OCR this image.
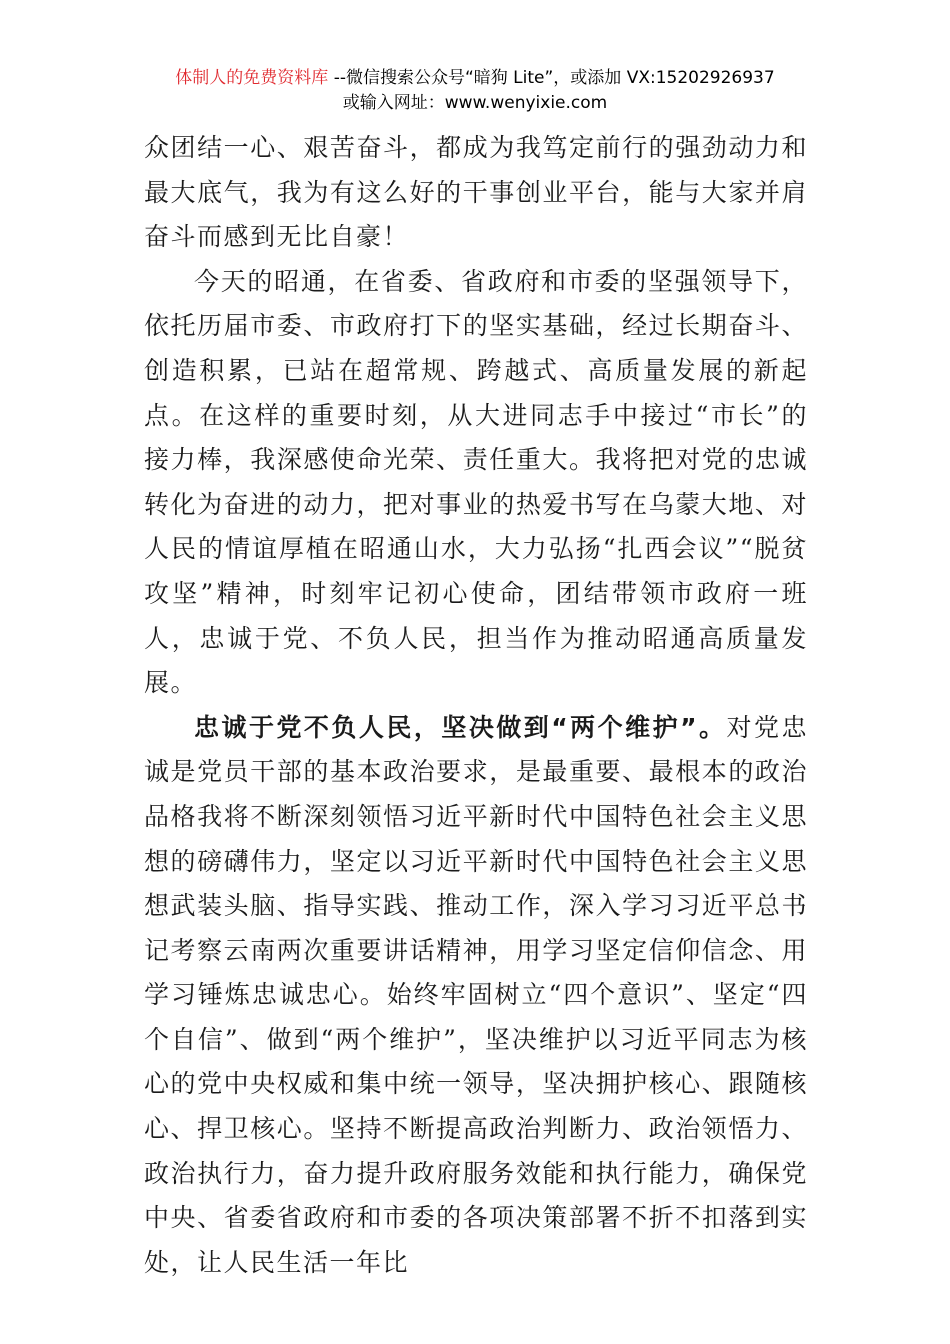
体制人的免费资料库 --微信搜索公众号“暗狗 Lite”，或添加 VX:15202926937
或输入网址：www.wenyixie.com

众团结一心、艰苦奋斗，都成为我笃定前行的强劲动力和最大底气，我为有这么好的干事创业平台，能与大家并肩奋斗而感到无比自豪！

今天的昭通，在省委、省政府和市委的坚强领导下，依托历届市委、市政府打下的坚实基础，经过长期奋斗、创造积累，已站在超常规、跨越式、高质量发展的新起点。在这样的重要时刻，从大进同志手中接过“市长”的接力棒，我深感使命光荣、责任重大。我将把对党的忠诚转化为奋进的动力，把对事业的热爱书写在乌蒙大地、对人民的情谊厚植在昭通山水，大力弘扬“扎西会议”“脱贫攻坚”精神，时刻牢记初心使命，团结带领市政府一班人，忠诚于党、不负人民，担当作为推动昭通高质量发展。

忠诚于党不负人民，坚决做到“两个维护”。对党忠诚是党员干部的基本政治要求，是最重要、最根本的政治品格我将不断深刻领悟习近平新时代中国特色社会主义思想的磅礴伟力，坚定以习近平新时代中国特色社会主义思想武装头脑、指导实践、推动工作，深入学习习近平总书记考察云南两次重要讲话精神，用学习坚定信仰信念、用学习锤炼忠诚忠心。始终牢固树立“四个意识”、坚定“四个自信”、做到“两个维护”，坚决维护以习近平同志为核心的党中央权威和集中统一领导，坚决拥护核心、跟随核心、捍卫核心。坚持不断提高政治判断力、政治领悟力、政治执行力，奋力提升政府服务效能和执行能力，确保党中央、省委省政府和市委的各项决策部署不折不扣落到实处，让人民生活一年比
